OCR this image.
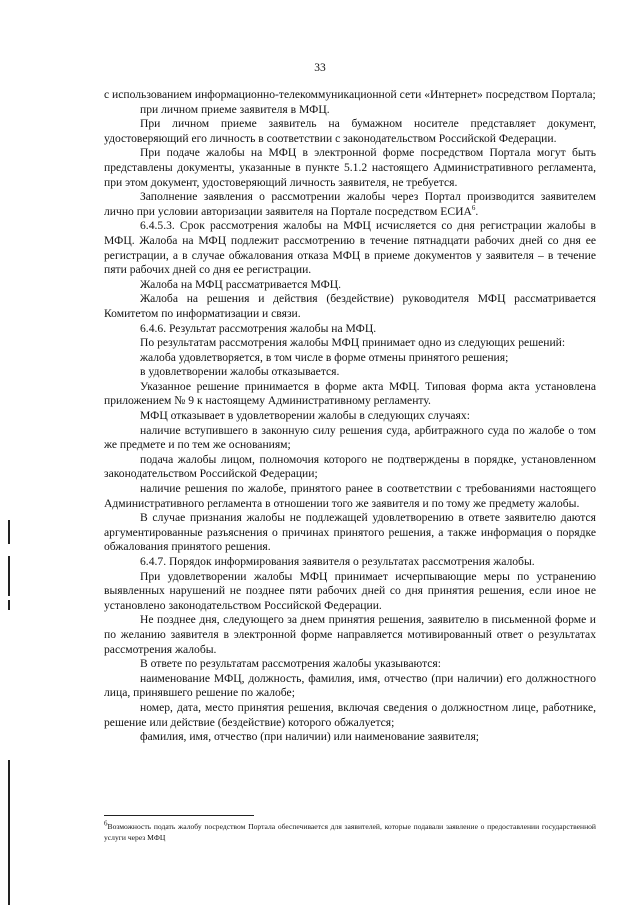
33

с использованием информационно-телекоммуникационной сети «Интернет» посредством Портала;

при личном приеме заявителя в МФЦ.

При личном приеме заявитель на бумажном носителе представляет документ, удостоверяющий его личность в соответствии с законодательством Российской Федерации.

При подаче жалобы на МФЦ в электронной форме посредством Портала могут быть представлены документы, указанные в пункте 5.1.2 настоящего Административного регламента, при этом документ, удостоверяющий личность заявителя, не требуется.

Заполнение заявления о рассмотрении жалобы через Портал производится заявителем лично при условии авторизации заявителя на Портале посредством ЕСИА$^6$.

6.4.5.3. Срок рассмотрения жалобы на МФЦ исчисляется со дня регистрации жалобы в МФЦ. Жалоба на МФЦ подлежит рассмотрению в течение пятнадцати рабочих дней со дня ее регистрации, а в случае обжалования отказа МФЦ в приеме документов у заявителя – в течение пяти рабочих дней со дня ее регистрации.

Жалоба на МФЦ рассматривается МФЦ.

Жалоба на решения и действия (бездействие) руководителя МФЦ рассматривается Комитетом по информатизации и связи.

6.4.6. Результат рассмотрения жалобы на МФЦ.

По результатам рассмотрения жалобы МФЦ принимает одно из следующих решений:

жалоба удовлетворяется, в том числе в форме отмены принятого решения;

в удовлетворении жалобы отказывается.

Указанное решение принимается в форме акта МФЦ. Типовая форма акта установлена приложением № 9 к настоящему Административному регламенту.

МФЦ отказывает в удовлетворении жалобы в следующих случаях:

наличие вступившего в законную силу решения суда, арбитражного суда по жалобе о том же предмете и по тем же основаниям;

подача жалобы лицом, полномочия которого не подтверждены в порядке, установленном законодательством Российской Федерации;

наличие решения по жалобе, принятого ранее в соответствии с требованиями настоящего Административного регламента в отношении того же заявителя и по тому же предмету жалобы.

В случае признания жалобы не подлежащей удовлетворению в ответе заявителю даются аргументированные разъяснения о причинах принятого решения, а также информация о порядке обжалования принятого решения.

6.4.7. Порядок информирования заявителя о результатах рассмотрения жалобы.

При удовлетворении жалобы МФЦ принимает исчерпывающие меры по устранению выявленных нарушений не позднее пяти рабочих дней со дня принятия решения, если иное не установлено законодательством Российской Федерации.

Не позднее дня, следующего за днем принятия решения, заявителю в письменной форме и по желанию заявителя в электронной форме направляется мотивированный ответ о результатах рассмотрения жалобы.

В ответе по результатам рассмотрения жалобы указываются:

наименование МФЦ, должность, фамилия, имя, отчество (при наличии) его должностного лица, принявшего решение по жалобе;

номер, дата, место принятия решения, включая сведения о должностном лице, работнике, решение или действие (бездействие) которого обжалуется;

фамилия, имя, отчество (при наличии) или наименование заявителя;

$^6$Возможность подать жалобу посредством Портала обеспечивается для заявителей, которые подавали заявление о предоставлении государственной услуги через МФЦ
